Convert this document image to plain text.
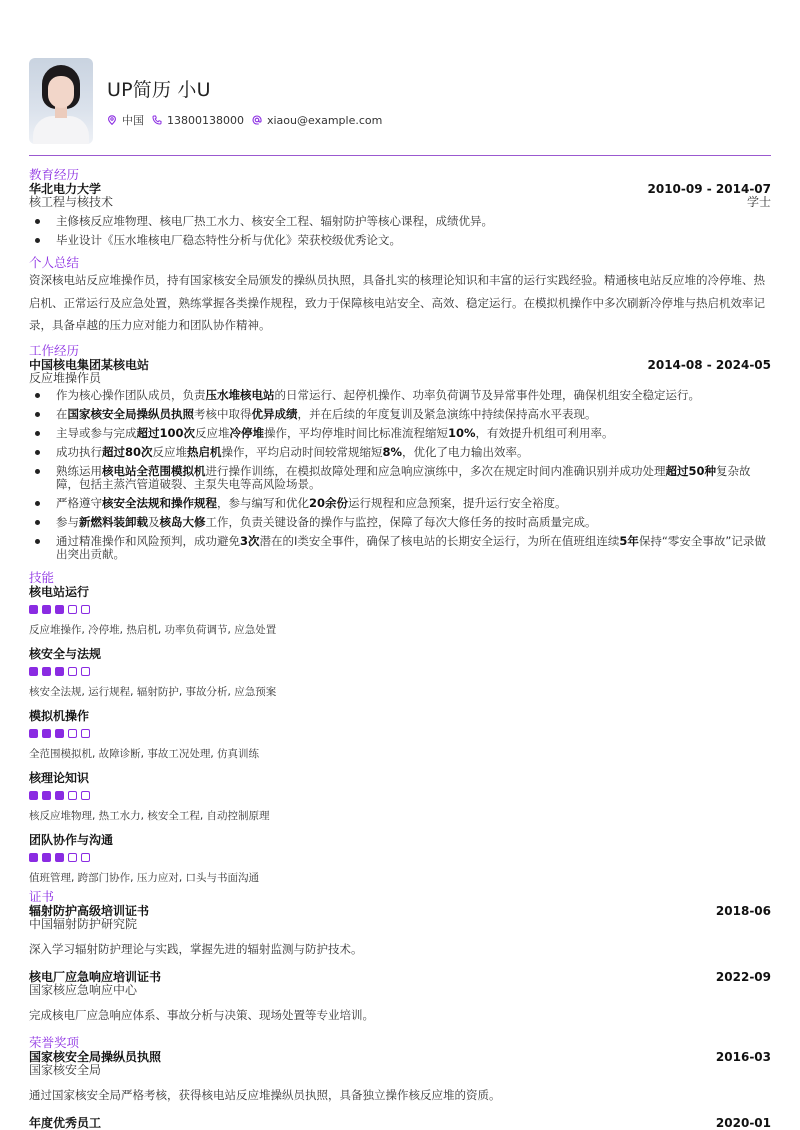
UP简历 小U
中国 13800138000 xiaou@example.com
教育经历
华北电力大学	2010-09 - 2014-07
核工程与核技术	学士
主修核反应堆物理、核电厂热工水力、核安全工程、辐射防护等核心课程，成绩优异。
毕业设计《压水堆核电厂稳态特性分析与优化》荣获校级优秀论文。
个人总结
资深核电站反应堆操作员，持有国家核安全局颁发的操纵员执照，具备扎实的核理论知识和丰富的运行实践经验。精通核电站反应堆的冷停堆、热启机、正常运行及应急处置，熟练掌握各类操作规程，致力于保障核电站安全、高效、稳定运行。在模拟机操作中多次刷新冷停堆与热启机效率记录，具备卓越的压力应对能力和团队协作精神。
工作经历
中国核电集团某核电站	2014-08 - 2024-05
反应堆操作员
作为核心操作团队成员，负责压水堆核电站的日常运行、起停机操作、功率负荷调节及异常事件处理，确保机组安全稳定运行。
在国家核安全局操纵员执照考核中取得优异成绩，并在后续的年度复训及紧急演练中持续保持高水平表现。
主导或参与完成超过100次反应堆冷停堆操作，平均停堆时间比标准流程缩短10%，有效提升机组可利用率。
成功执行超过80次反应堆热启机操作，平均启动时间较常规缩短8%，优化了电力输出效率。
熟练运用核电站全范围模拟机进行操作训练，在模拟故障处理和应急响应演练中，多次在规定时间内准确识别并成功处理超过50种复杂故障，包括主蒸汽管道破裂、主泵失电等高风险场景。
严格遵守核安全法规和操作规程，参与编写和优化20余份运行规程和应急预案，提升运行安全裕度。
参与新燃料装卸载及核岛大修工作，负责关键设备的操作与监控，保障了每次大修任务的按时高质量完成。
通过精准操作和风险预判，成功避免3次潜在的I类安全事件，确保了核电站的长期安全运行，为所在值班组连续5年保持“零安全事故”记录做出突出贡献。
技能
核电站运行
反应堆操作, 冷停堆, 热启机, 功率负荷调节, 应急处置
核安全与法规
核安全法规, 运行规程, 辐射防护, 事故分析, 应急预案
模拟机操作
全范围模拟机, 故障诊断, 事故工况处理, 仿真训练
核理论知识
核反应堆物理, 热工水力, 核安全工程, 自动控制原理
团队协作与沟通
值班管理, 跨部门协作, 压力应对, 口头与书面沟通
证书
辐射防护高级培训证书	2018-06
中国辐射防护研究院
深入学习辐射防护理论与实践，掌握先进的辐射监测与防护技术。
核电厂应急响应培训证书	2022-09
国家核应急响应中心
完成核电厂应急响应体系、事故分析与决策、现场处置等专业培训。
荣誉奖项
国家核安全局操纵员执照	2016-03
国家核安全局
通过国家核安全局严格考核，获得核电站反应堆操纵员执照，具备独立操作核反应堆的资质。
年度优秀员工	2020-01
